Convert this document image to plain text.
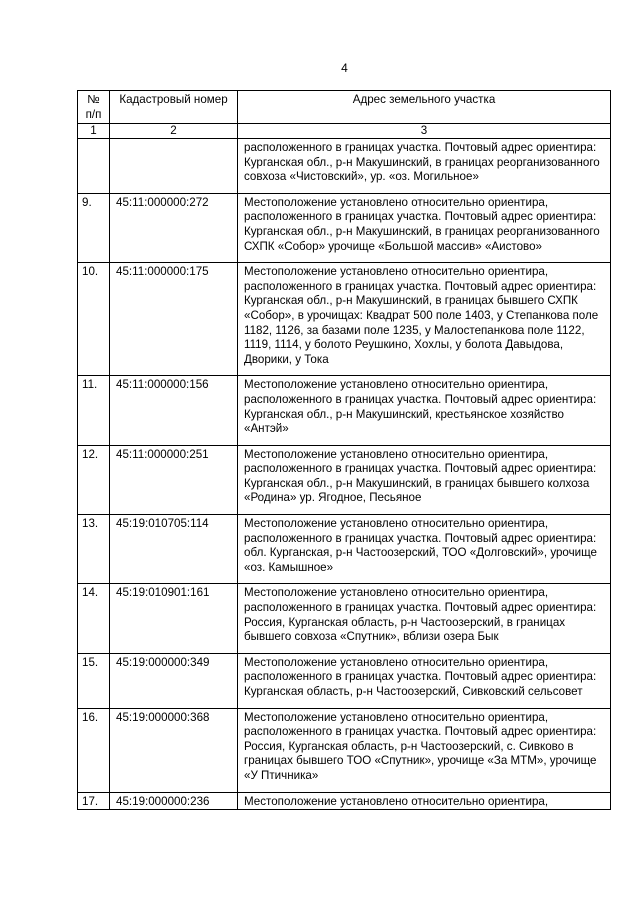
4
№ п/п	Кадастровый номер	Адрес земельного участка
1	2	3
		расположенного в границах участка. Почтовый адрес ориентира: Курганская обл., р-н Макушинский, в границах реорганизованного совхоза «Чистовский», ур. «оз. Могильное»
9.	45:11:000000:272	Местоположение установлено относительно ориентира, расположенного в границах участка. Почтовый адрес ориентира: Курганская обл., р-н Макушинский, в границах реорганизованного СХПК «Собор» урочище «Большой массив» «Аистово»
10.	45:11:000000:175	Местоположение установлено относительно ориентира, расположенного в границах участка. Почтовый адрес ориентира: Курганская обл., р-н Макушинский, в границах бывшего СХПК «Собор», в урочищах: Квадрат 500 поле 1403, у Степанкова поле 1182, 1126, за базами поле 1235, у Малостепанкова поле 1122, 1119, 1114, у болото Реушкино, Хохлы, у болота Давыдова, Дворики, у Тока
11.	45:11:000000:156	Местоположение установлено относительно ориентира, расположенного в границах участка. Почтовый адрес ориентира: Курганская обл., р-н Макушинский, крестьянское хозяйство «Антэй»
12.	45:11:000000:251	Местоположение установлено относительно ориентира, расположенного в границах участка. Почтовый адрес ориентира: Курганская обл., р-н Макушинский, в границах бывшего колхоза «Родина» ур. Ягодное, Песьяное
13.	45:19:010705:114	Местоположение установлено относительно ориентира, расположенного в границах участка. Почтовый адрес ориентира: обл. Курганская, р-н Частоозерский, ТОО «Долговский», урочище «оз. Камышное»
14.	45:19:010901:161	Местоположение установлено относительно ориентира, расположенного в границах участка. Почтовый адрес ориентира: Россия, Курганская область, р-н Частоозерский, в границах бывшего совхоза «Спутник», вблизи озера Бык
15.	45:19:000000:349	Местоположение установлено относительно ориентира, расположенного в границах участка. Почтовый адрес ориентира: Курганская область, р-н Частоозерский, Сивковский сельсовет
16.	45:19:000000:368	Местоположение установлено относительно ориентира, расположенного в границах участка. Почтовый адрес ориентира: Россия, Курганская область, р-н Частоозерский, с. Сивково в границах бывшего ТОО «Спутник», урочище «За МТМ», урочище «У Птичника»
17.	45:19:000000:236	Местоположение установлено относительно ориентира,
